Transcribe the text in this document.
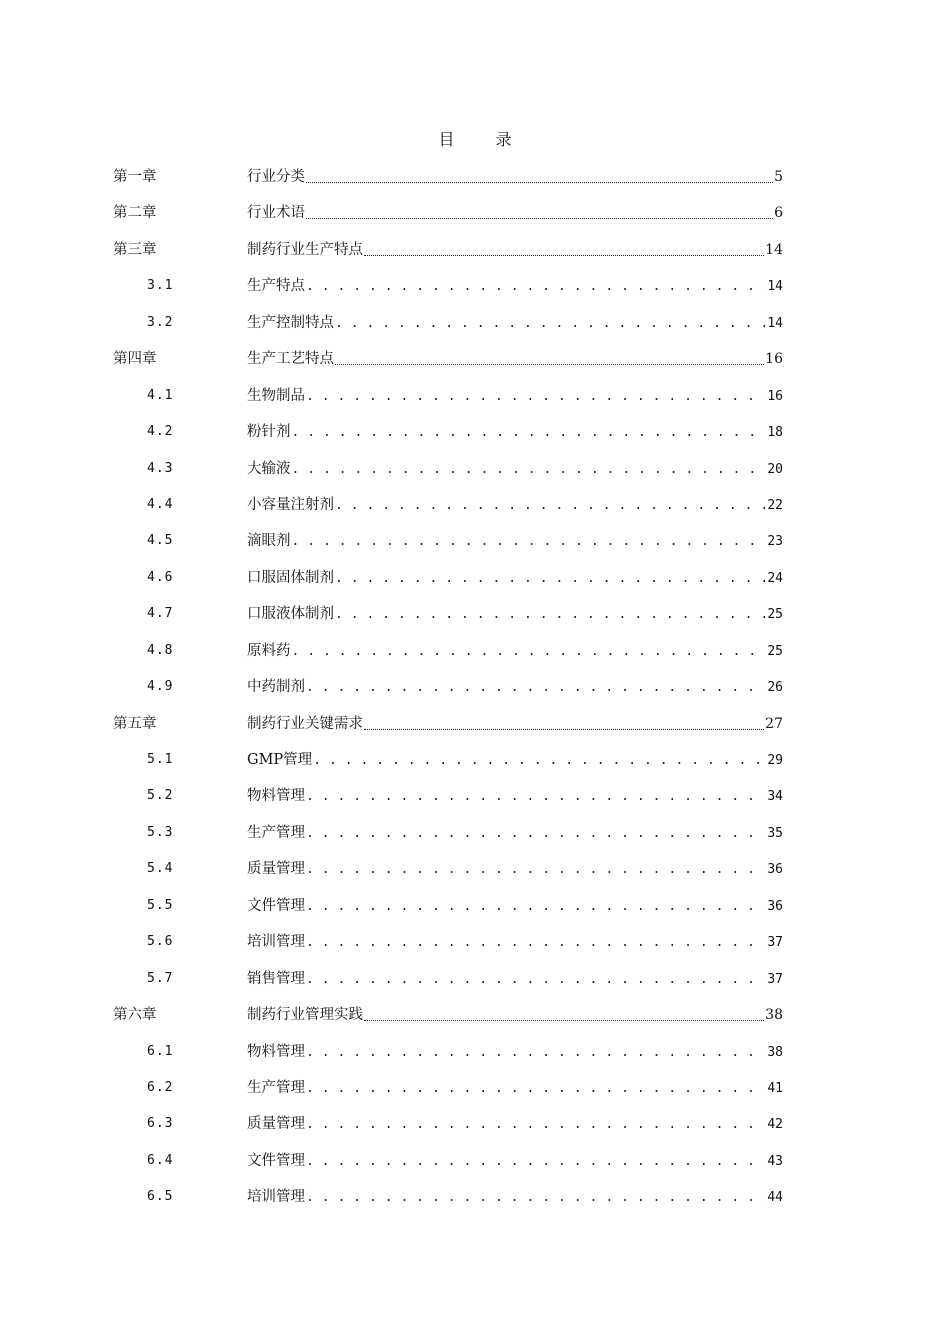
目 录
第一章	行业分类	5
第二章	行业术语	6
第三章	制药行业生产特点	14
3.1	生产特点 . . .	14
3.2	生产控制特点 . . .	14
第四章	生产工艺特点	16
4.1	生物制品 . . .	16
4.2	粉针剂 . . .	18
4.3	大输液 . . .	20
4.4	小容量注射剂 . . .	22
4.5	滴眼剂 . . .	23
4.6	口服固体制剂 . . .	24
4.7	口服液体制剂 . . .	25
4.8	原料药 . . .	25
4.9	中药制剂 . . .	26
第五章	制药行业关键需求	27
5.1	GMP管理 . . .	29
5.2	物料管理 . . .	34
5.3	生产管理 . . .	35
5.4	质量管理 . . .	36
5.5	文件管理 . . .	36
5.6	培训管理 . . .	37
5.7	销售管理 . . .	37
第六章	制药行业管理实践	38
6.1	物料管理 . . .	38
6.2	生产管理 . . .	41
6.3	质量管理 . . .	42
6.4	文件管理 . . .	43
6.5	培训管理 . . .	44
